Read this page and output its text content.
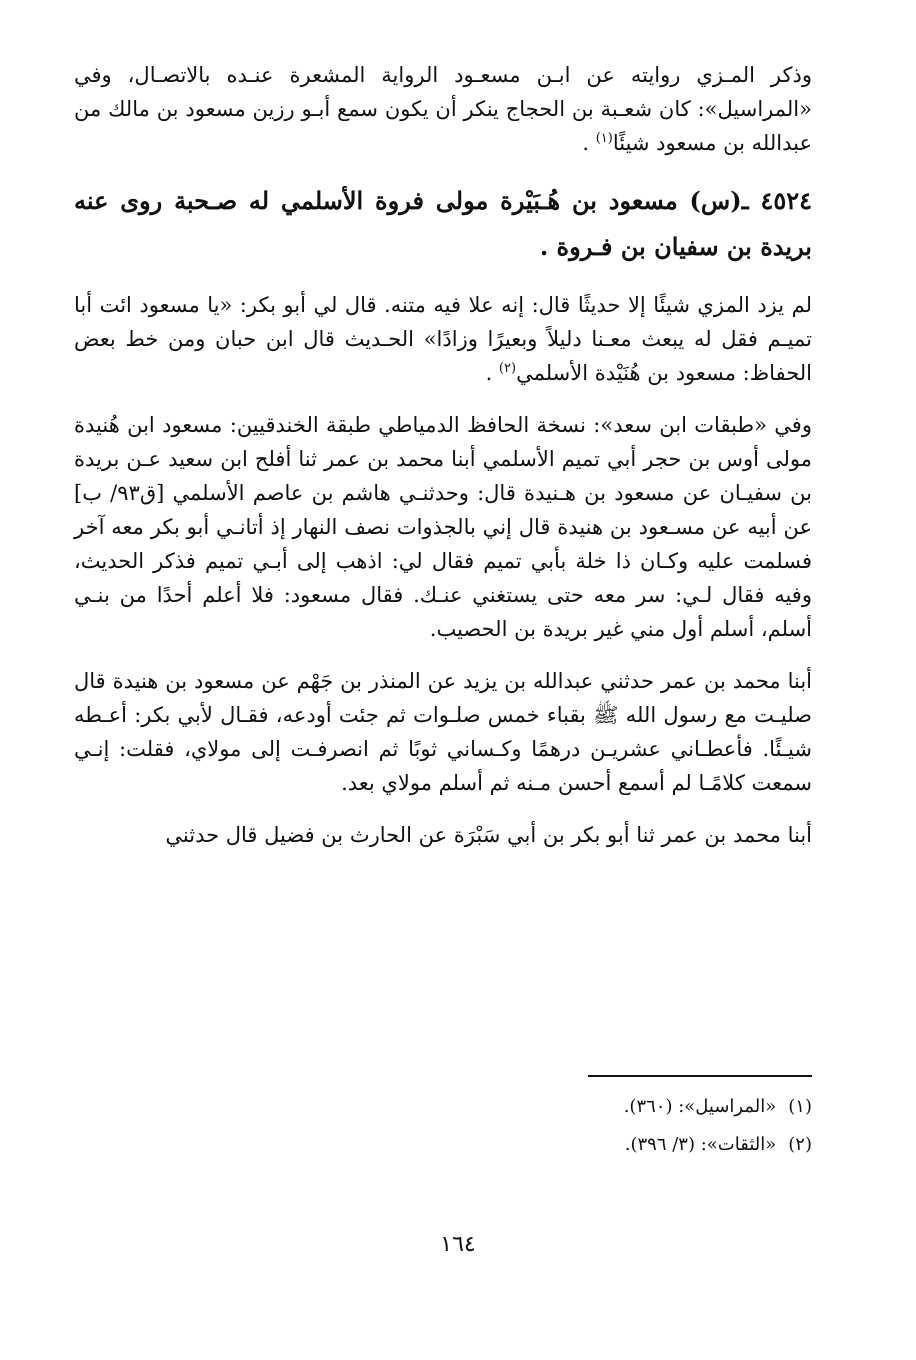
وذكر المـزي روايته عن ابـن مسعـود الرواية المشعرة عنـده بالاتصـال، وفي «المراسيل»: كان شعـبة بن الحجاج ينكر أن يكون سمع أبـو رزين مسعود بن مالك من عبدالله بن مسعود شيئًا$^{(١)}$ .

٤٥٢٤ ـ(س) مسعود بن هُـبَيْرة مولى فروة الأسلمي له صـحبة روى عنه بريدة بن سفيان بن فـروة .

لم يزد المزي شيئًا إلا حديثًا قال: إنه علا فيه متنه. قال لي أبو بكر: «يا مسعود ائت أبا تميـم فقل له يبعث معـنا دليلاً وبعيرًا وزادًا» الحـديث قال ابن حبان ومن خط بعض الحفاظ: مسعود بن هُنَيْدة الأسلمي$^{(٢)}$ .

وفي «طبقات ابن سعد»: نسخة الحافظ الدمياطي طبقة الخندقيين: مسعود ابن هُنيدة مولى أوس بن حجر أبي تميم الأسلمي أبنا محمد بن عمر ثنا أفلح ابن سعيد عـن بريدة بن سفيـان عن مسعود بن هـنيدة قال: وحدثنـي هاشم بن عاصم الأسلمي [ق٩٣/ ب] عن أبيه عن مسـعود بن هنيدة قال إني بالجذوات نصف النهار إذ أتانـي أبو بكر معه آخر فسلمت عليه وكـان ذا خلة بأبي تميم فقال لي: اذهب إلى أبـي تميم فذكر الحديث، وفيه فقال لـي: سر معه حتى يستغني عنـك. فقال مسعود: فلا أعلم أحدًا من بنـي أسلم، أسلم أول مني غير بريدة بن الحصيب.

أبنا محمد بن عمر حدثني عبدالله بن يزيد عن المنذر بن جَهْم عن مسعود بن هنيدة قال صليـت مع رسول الله ﷺ بقباء خمس صلـوات ثم جئت أودعه، فقـال لأبي بكر: أعـطه شيـئًا. فأعطـاني عشريـن درهمًا وكـساني ثوبًا ثم انصرفـت إلى مولاي، فقلت: إنـي سمعت كلامًـا لم أسمع أحسن مـنه ثم أسلم مولاي بعد.

أبنا محمد بن عمر ثنا أبو بكر بن أبي سَبْرَة عن الحارث بن فضيل قال حدثني

(١)«المراسيل»: (٣٦٠).
(٢)«الثقات»: (٣/ ٣٩٦).
١٦٤
